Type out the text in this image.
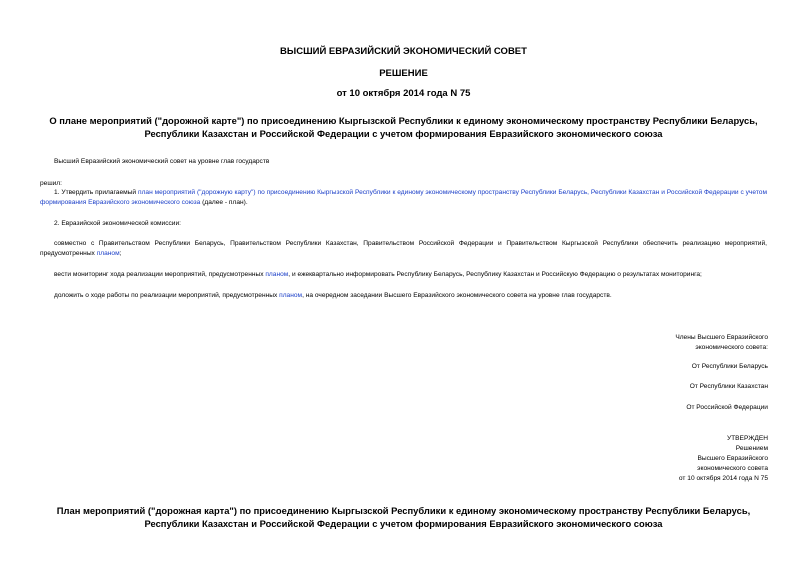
ВЫСШИЙ ЕВРАЗИЙСКИЙ ЭКОНОМИЧЕСКИЙ СОВЕТ
РЕШЕНИЕ
от 10 октября 2014 года N 75
О плане мероприятий ("дорожной карте") по присоединению Кыргызской Республики к единому экономическому пространству Республики Беларусь, Республики Казахстан и Российской Федерации с учетом формирования Евразийского экономического союза
Высший Евразийский экономический совет на уровне глав государств
решил:
1. Утвердить прилагаемый план мероприятий ("дорожную карту") по присоединению Кыргызской Республики к единому экономическому пространству Республики Беларусь, Республики Казахстан и Российской Федерации с учетом формирования Евразийского экономического союза (далее - план).
2. Евразийской экономической комиссии:
совместно с Правительством Республики Беларусь, Правительством Республики Казахстан, Правительством Российской Федерации и Правительством Кыргызской Республики обеспечить реализацию мероприятий, предусмотренных планом;
вести мониторинг хода реализации мероприятий, предусмотренных планом, и ежеквартально информировать Республику Беларусь, Республику Казахстан и Российскую Федерацию о результатах мониторинга;
доложить о ходе работы по реализации мероприятий, предусмотренных планом, на очередном заседании Высшего Евразийского экономического совета на уровне глав государств.
Члены Высшего Евразийского
экономического совета:
От Республики Беларусь
От Республики Казахстан
От Российской Федерации
УТВЕРЖДЕН
Решением
Высшего Евразийского
экономического совета
от 10 октября 2014 года N 75
План мероприятий ("дорожная карта") по присоединению Кыргызской Республики к единому экономическому пространству Республики Беларусь, Республики Казахстан и Российской Федерации с учетом формирования Евразийского экономического союза
